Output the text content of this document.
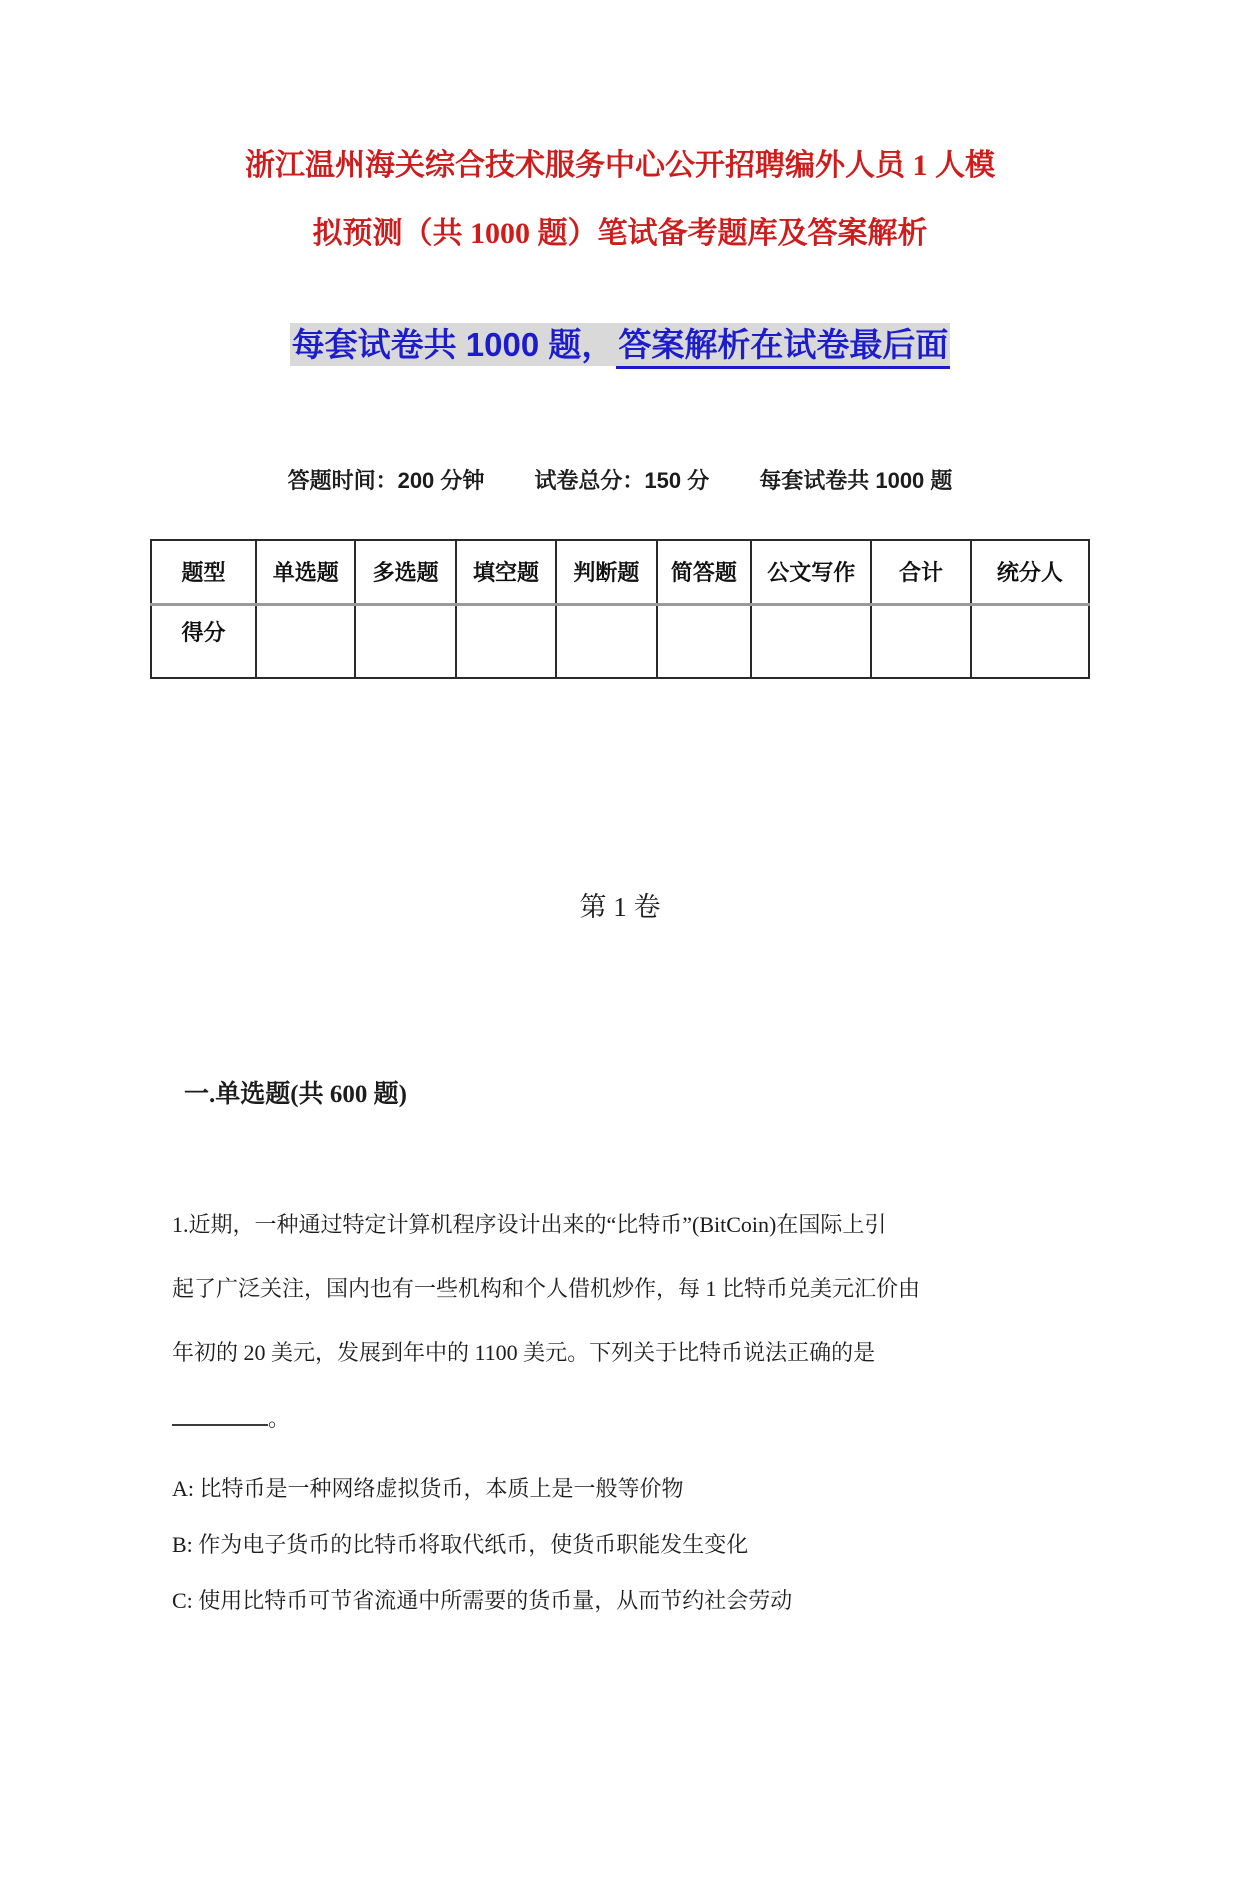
浙江温州海关综合技术服务中心公开招聘编外人员 1 人模
拟预测（共 1000 题）笔试备考题库及答案解析
每套试卷共 1000 题， 答案解析在试卷最后面
答题时间：200 分钟 试卷总分：150 分 每套试卷共 1000 题
题型	单选题	多选题	填空题	判断题	简答题	公文写作	合计	统分人
得分								
第 1 卷
一.单选题(共 600 题)
1.近期，一种通过特定计算机程序设计出来的“比特币”(BitCoin)在国际上引
起了广泛关注，国内也有一些机构和个人借机炒作，每 1 比特币兑美元汇价由
年初的 20 美元，发展到年中的 1100 美元。下列关于比特币说法正确的是
。
A: 比特币是一种网络虚拟货币，本质上是一般等价物
B: 作为电子货币的比特币将取代纸币，使货币职能发生变化
C: 使用比特币可节省流通中所需要的货币量，从而节约社会劳动
